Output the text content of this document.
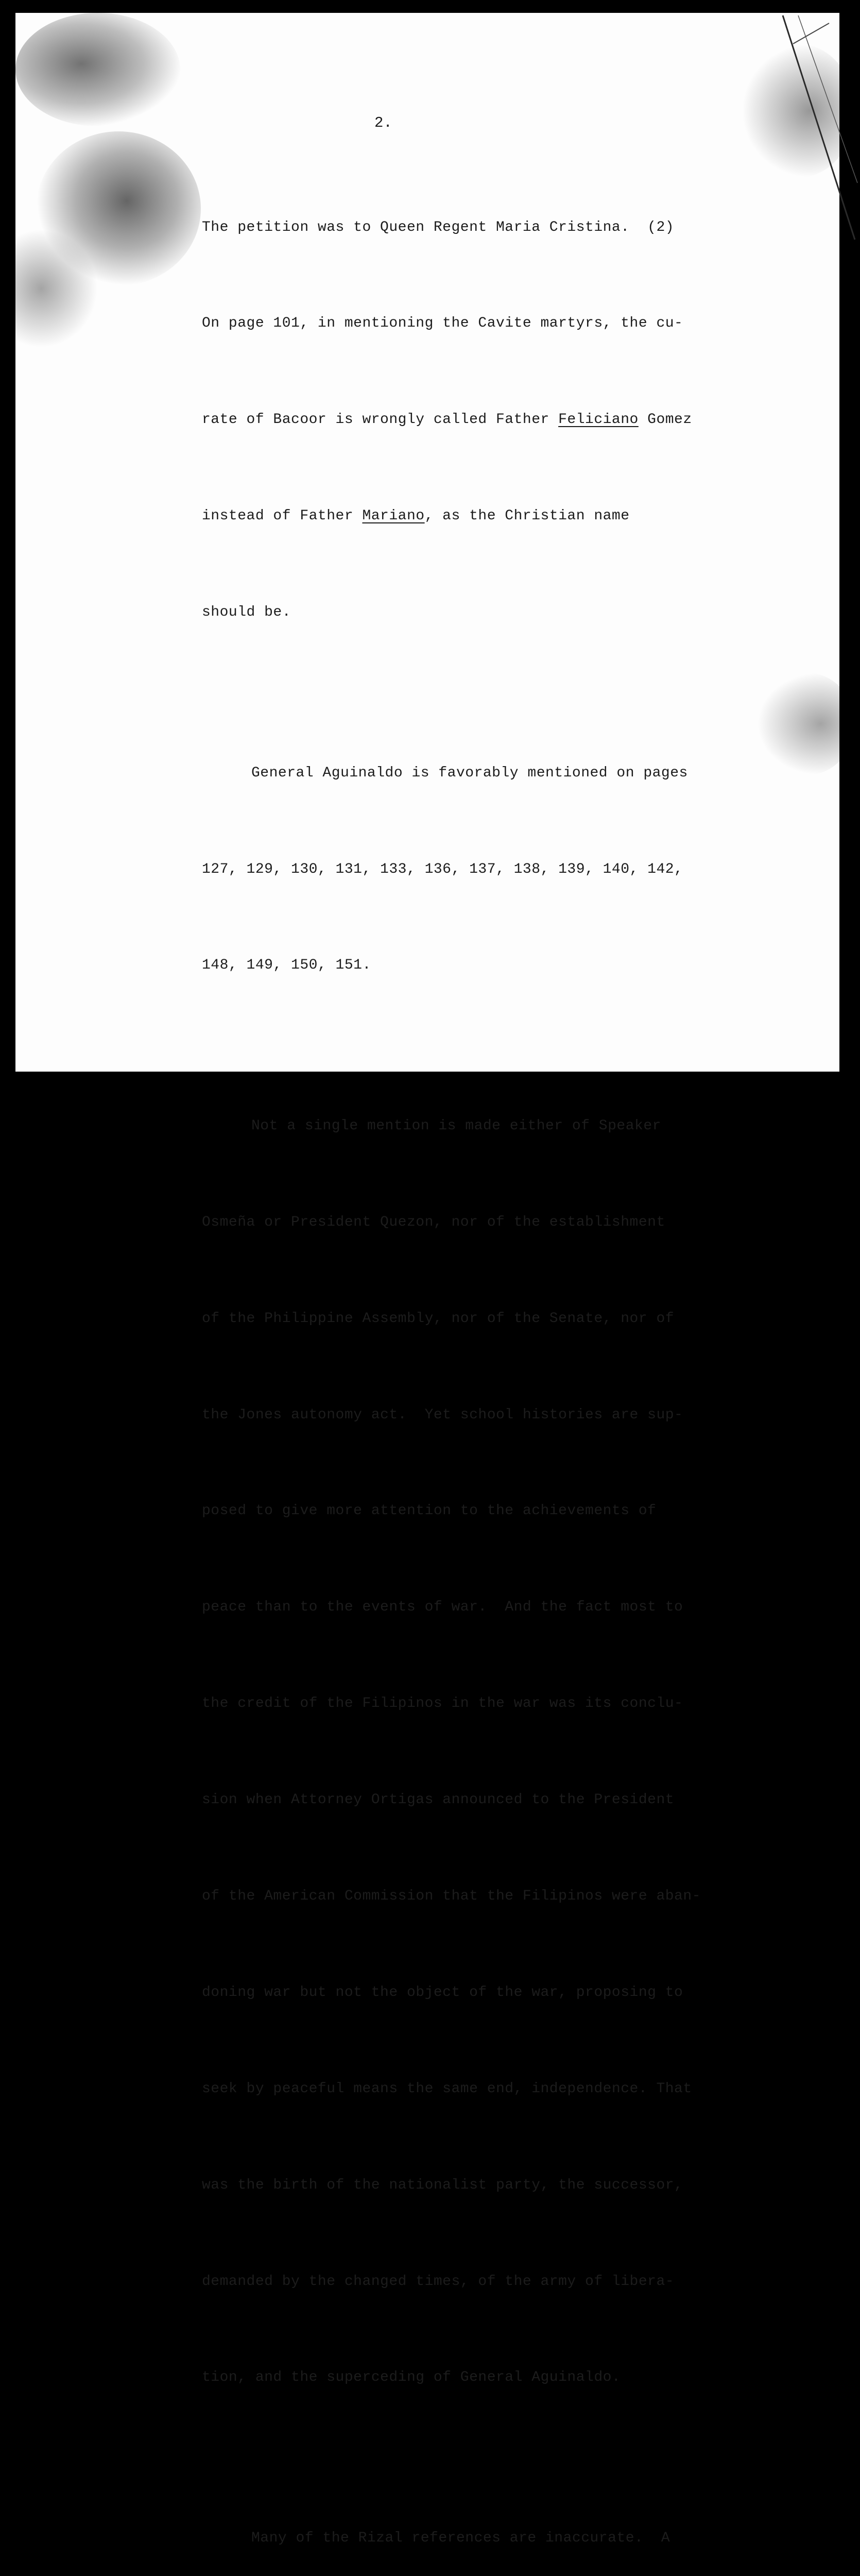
2.

The petition was to Queen Regent Maria Cristina.  (2)

On page 101, in mentioning the Cavite martyrs, the cu-

rate of Bacoor is wrongly called Father Feliciano Gomez

instead of Father Mariano, as the Christian name

should be.

General Aguinaldo is favorably mentioned on pages

127, 129, 130, 131, 133, 136, 137, 138, 139, 140, 142,

148, 149, 150, 151.

Not a single mention is made either of Speaker

Osmeña or President Quezon, nor of the establishment

of the Philippine Assembly, nor of the Senate, nor of

the Jones autonomy act.  Yet school histories are sup-

posed to give more attention to the achievements of

peace than to the events of war.  And the fact most to

the credit of the Filipinos in the war was its conclu-

sion when Attorney Ortigas announced to the President

of the American Commission that the Filipinos were aban-

doning war but not the object of the war, proposing to

seek by peaceful means the same end, independence. That

was the birth of the nationalist party, the successor,

demanded by the changed times, of the army of libera-

tion, and the superceding of General Aguinaldo.

Many of the Rizal references are inaccurate.  A
